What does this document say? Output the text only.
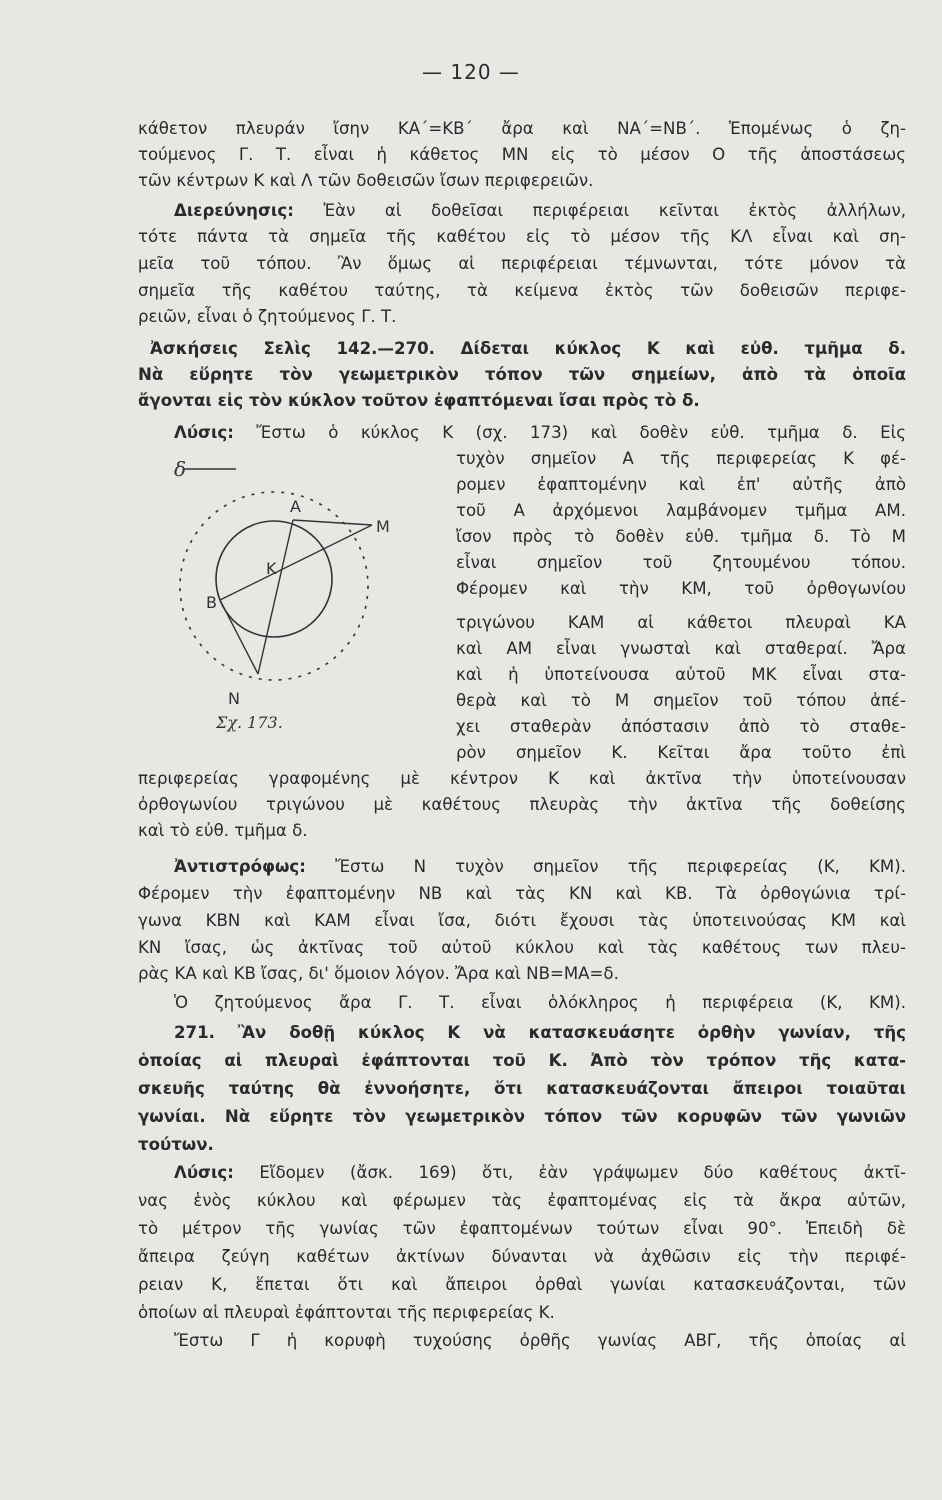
— 120 —
κάθετον πλευράν ἴσην ΚΑ΄=ΚΒ΄ ἄρα καὶ ΝΑ΄=ΝΒ΄. Ἑπομένως ὁ ζη-
τούμενος Γ. Τ. εἶναι ἡ κάθετος ΜΝ εἰς τὸ μέσον Ο τῆς ἀποστάσεως
τῶν κέντρων Κ καὶ Λ τῶν δοθεισῶν ἴσων περιφερειῶν.
Διερεύνησις: Ἐὰν αἱ δοθεῖσαι περιφέρειαι κεῖνται ἐκτὸς ἀλλήλων,
τότε πάντα τὰ σημεῖα τῆς καθέτου εἰς τὸ μέσον τῆς ΚΛ εἶναι καὶ ση-
μεῖα τοῦ τόπου. Ἂν ὅμως αἱ περιφέρειαι τέμνωνται, τότε μόνον τὰ
σημεῖα τῆς καθέτου ταύτης, τὰ κείμενα ἐκτὸς τῶν δοθεισῶν περιφε-
ρειῶν, εἶναι ὁ ζητούμενος Γ. Τ.
Ἀσκήσεις Σελὶς 142.—270. Δίδεται κύκλος Κ καὶ εὐθ. τμῆμα δ.
Νὰ εὕρητε τὸν γεωμετρικὸν τόπον τῶν σημείων, ἀπὸ τὰ ὁποῖα
ἄγονται εἰς τὸν κύκλον τοῦτον ἐφαπτόμεναι ἴσαι πρὸς τὸ δ.
Λύσις: Ἔστω ὁ κύκλος Κ (σχ. 173) καὶ δοθὲν εὐθ. τμῆμα δ. Εἰς
τυχὸν σημεῖον Α τῆς περιφερείας Κ φέ-
ρομεν ἐφαπτομένην καὶ ἐπ' αὐτῆς ἀπὸ
τοῦ Α ἀρχόμενοι λαμβάνομεν τμῆμα ΑΜ.
ἴσον πρὸς τὸ δοθὲν εὐθ. τμῆμα δ. Τὸ Μ
εἶναι σημεῖον τοῦ ζητουμένου τόπου.
Φέρομεν καὶ τὴν ΚΜ, τοῦ ὀρθογωνίου
τριγώνου ΚΑΜ αἱ κάθετοι πλευραὶ ΚΑ
καὶ ΑΜ εἶναι γνωσταὶ καὶ σταθεραί. Ἄρα
καὶ ἡ ὑποτείνουσα αὐτοῦ ΜΚ εἶναι στα-
θερὰ καὶ τὸ Μ σημεῖον τοῦ τόπου ἀπέ-
χει σταθερὰν ἀπόστασιν ἀπὸ τὸ σταθε-
ρὸν σημεῖον Κ. Κεῖται ἄρα τοῦτο ἐπὶ
περιφερείας γραφομένης μὲ κέντρον Κ καὶ ἀκτῖνα τὴν ὑποτείνουσαν
ὀρθογωνίου τριγώνου μὲ καθέτους πλευρὰς τὴν ἀκτῖνα τῆς δοθείσης
καὶ τὸ εὐθ. τμῆμα δ.
δ
Α
Κ
Μ
Β
Ν
Σχ. 173.
Ἀντιστρόφως: Ἔστω Ν τυχὸν σημεῖον τῆς περιφερείας (Κ, ΚΜ).
Φέρομεν τὴν ἐφαπτομένην ΝΒ καὶ τὰς ΚΝ καὶ ΚΒ. Τὰ ὀρθογώνια τρί-
γωνα ΚΒΝ καὶ ΚΑΜ εἶναι ἴσα, διότι ἔχουσι τὰς ὑποτεινούσας ΚΜ καὶ
ΚΝ ἴσας, ὡς ἀκτῖνας τοῦ αὐτοῦ κύκλου καὶ τὰς καθέτους των πλευ-
ρὰς ΚΑ καὶ ΚΒ ἴσας, δι' ὅμοιον λόγον. Ἄρα καὶ ΝΒ=ΜΑ=δ.
Ὁ ζητούμενος ἄρα Γ. Τ. εἶναι ὁλόκληρος ἡ περιφέρεια (Κ, ΚΜ).
271. Ἂν δοθῇ κύκλος Κ νὰ κατασκευάσητε ὀρθὴν γωνίαν, τῆς
ὁποίας αἱ πλευραὶ ἐφάπτονται τοῦ Κ. Ἀπὸ τὸν τρόπον τῆς κατα-
σκευῆς ταύτης θὰ ἐννοήσητε, ὅτι κατασκευάζονται ἄπειροι τοιαῦται
γωνίαι. Νὰ εὕρητε τὸν γεωμετρικὸν τόπον τῶν κορυφῶν τῶν γωνιῶν
τούτων.
Λύσις: Εἴδομεν (ἄσκ. 169) ὅτι, ἐὰν γράψωμεν δύο καθέτους ἀκτῖ-
νας ἑνὸς κύκλου καὶ φέρωμεν τὰς ἐφαπτομένας εἰς τὰ ἄκρα αὐτῶν,
τὸ μέτρον τῆς γωνίας τῶν ἐφαπτομένων τούτων εἶναι 90°. Ἐπειδὴ δὲ
ἄπειρα ζεύγη καθέτων ἀκτίνων δύνανται νὰ ἀχθῶσιν εἰς τὴν περιφέ-
ρειαν Κ, ἕπεται ὅτι καὶ ἄπειροι ὀρθαὶ γωνίαι κατασκευάζονται, τῶν
ὁποίων αἱ πλευραὶ ἐφάπτονται τῆς περιφερείας Κ.
Ἔστω Γ ἡ κορυφὴ τυχούσης ὀρθῆς γωνίας ΑΒΓ, τῆς ὁποίας αἱ
